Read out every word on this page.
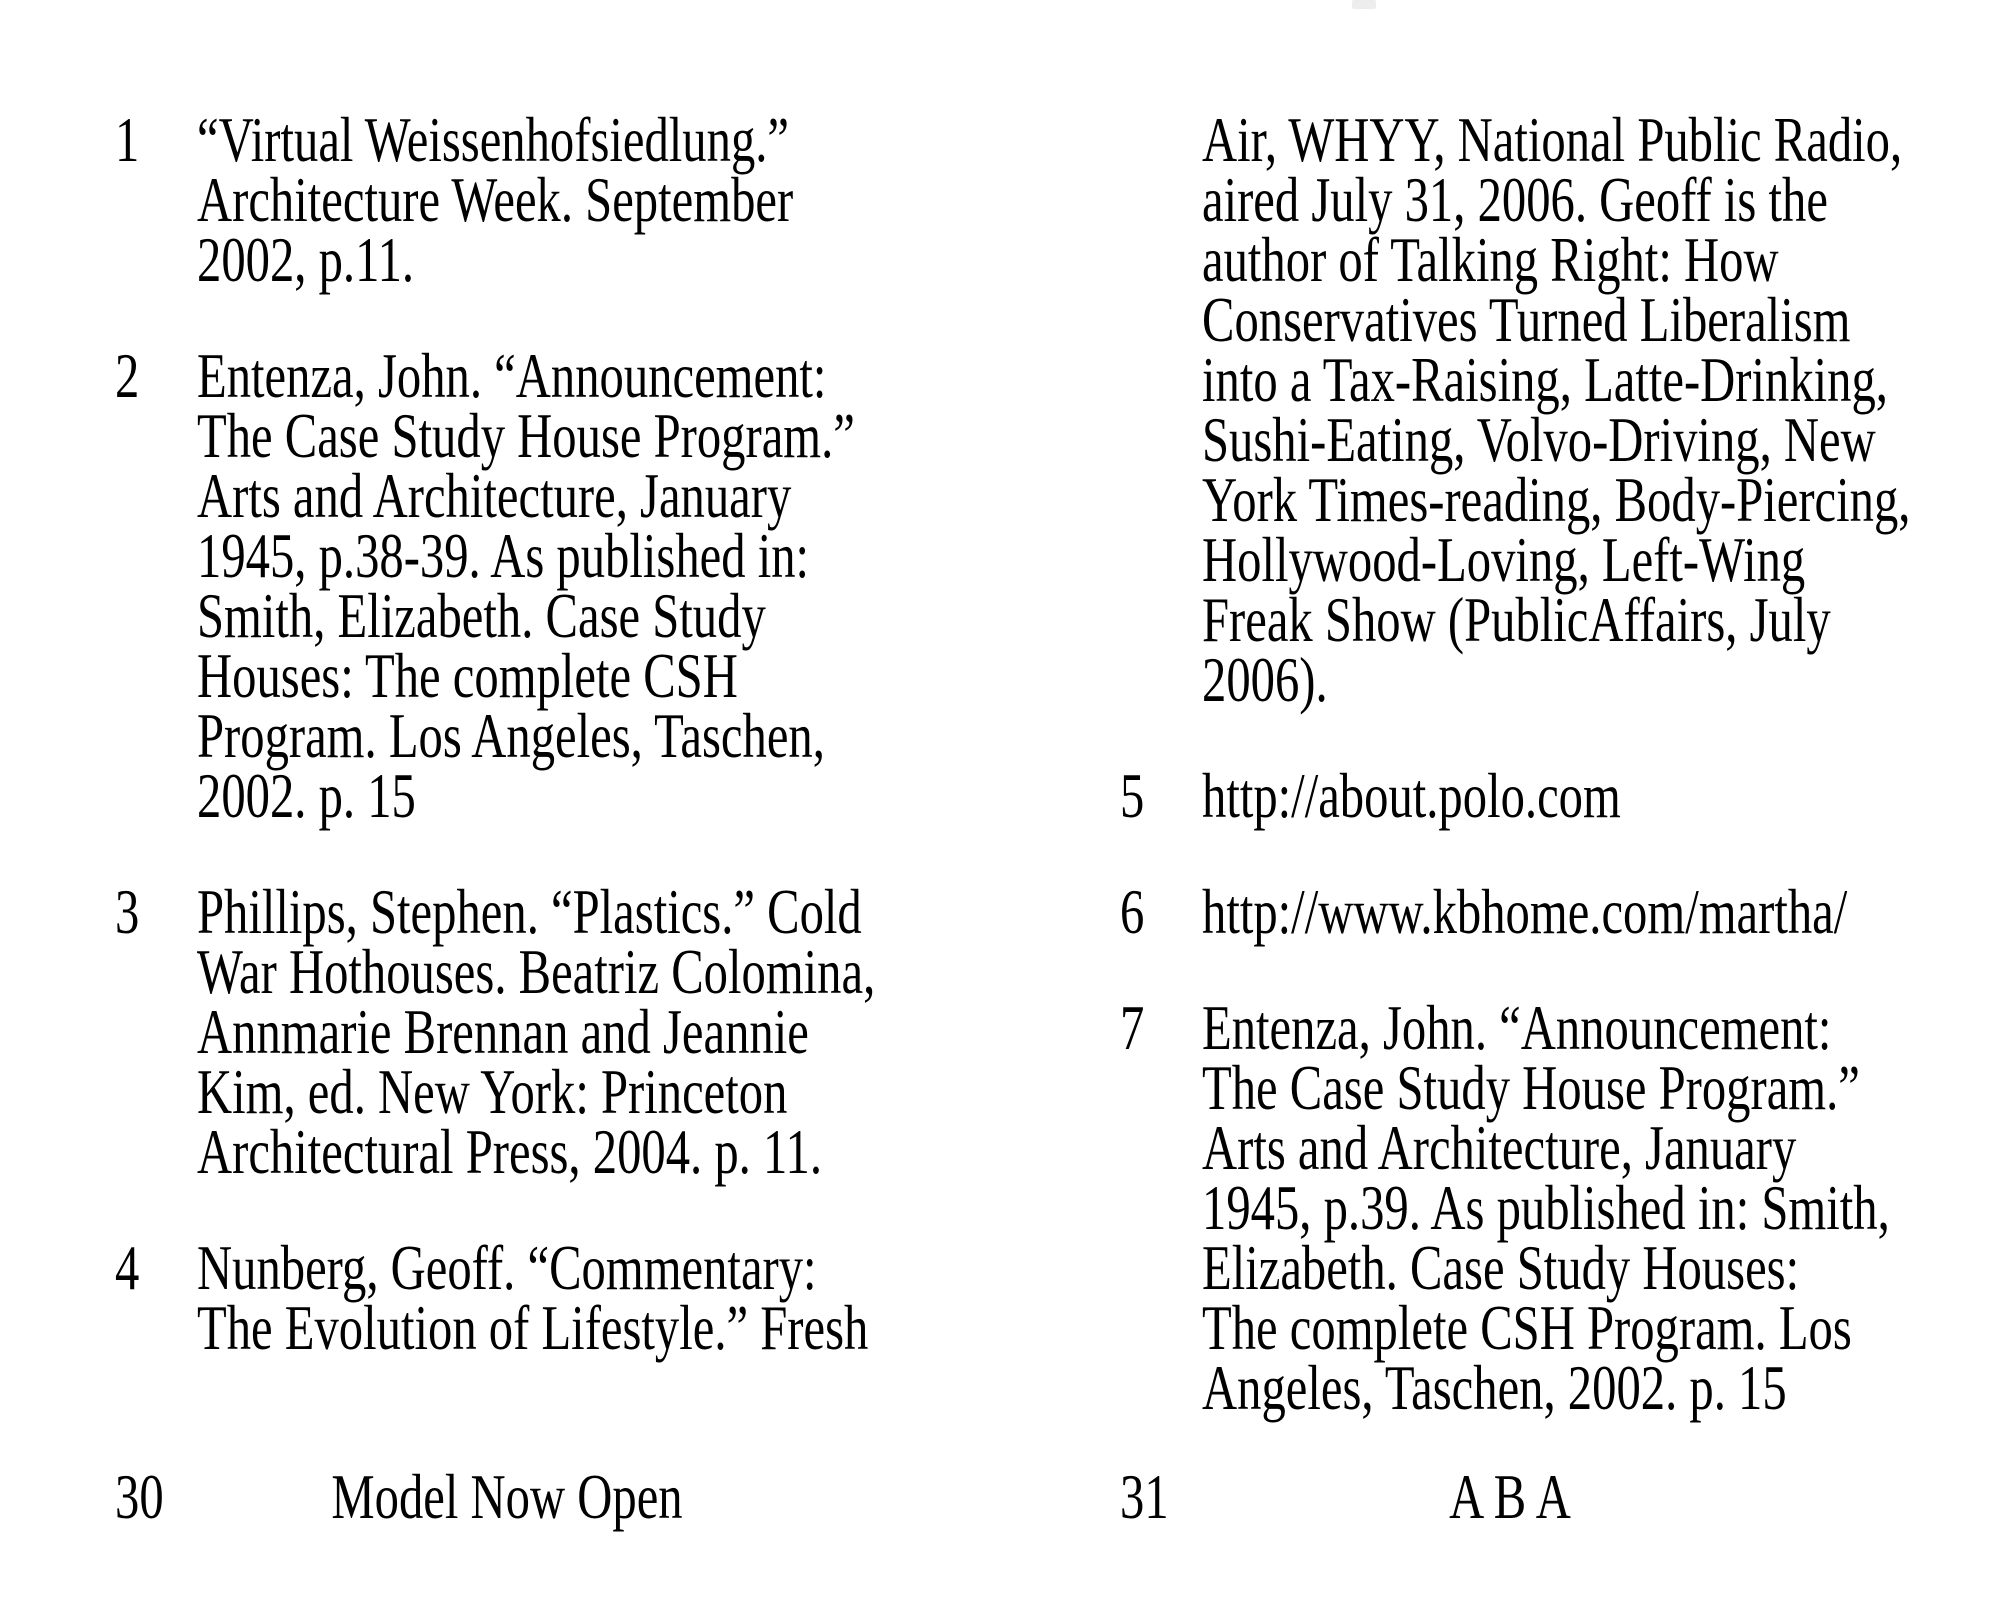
1 “Virtual Weissenhofsiedlung.”
Architecture Week. September
2002, p.11.
2 Entenza, John. “Announcement:
The Case Study House Program.”
Arts and Architecture, January
1945, p.38-39. As published in:
Smith, Elizabeth. Case Study
Houses: The complete CSH
Program. Los Angeles, Taschen,
2002. p. 15
3 Phillips, Stephen. “Plastics.” Cold
War Hothouses. Beatriz Colomina,
Annmarie Brennan and Jeannie
Kim, ed. New York: Princeton
Architectural Press, 2004. p. 11.
4 Nunberg, Geoff. “Commentary:
The Evolution of Lifestyle.” Fresh
Air, WHYY, National Public Radio,
aired July 31, 2006. Geoff is the
author of Talking Right: How
Conservatives Turned Liberalism
into a Tax-Raising, Latte-Drinking,
Sushi-Eating, Volvo-Driving, New
York Times-reading, Body-Piercing,
Hollywood-Loving, Left-Wing
Freak Show (PublicAffairs, July
2006).
5 http://about.polo.com
6 http://www.kbhome.com/martha/
7 Entenza, John. “Announcement:
The Case Study House Program.”
Arts and Architecture, January
1945, p.39. As published in: Smith,
Elizabeth. Case Study Houses:
The complete CSH Program. Los
Angeles, Taschen, 2002. p. 15
30	Model Now Open	31	A B A
